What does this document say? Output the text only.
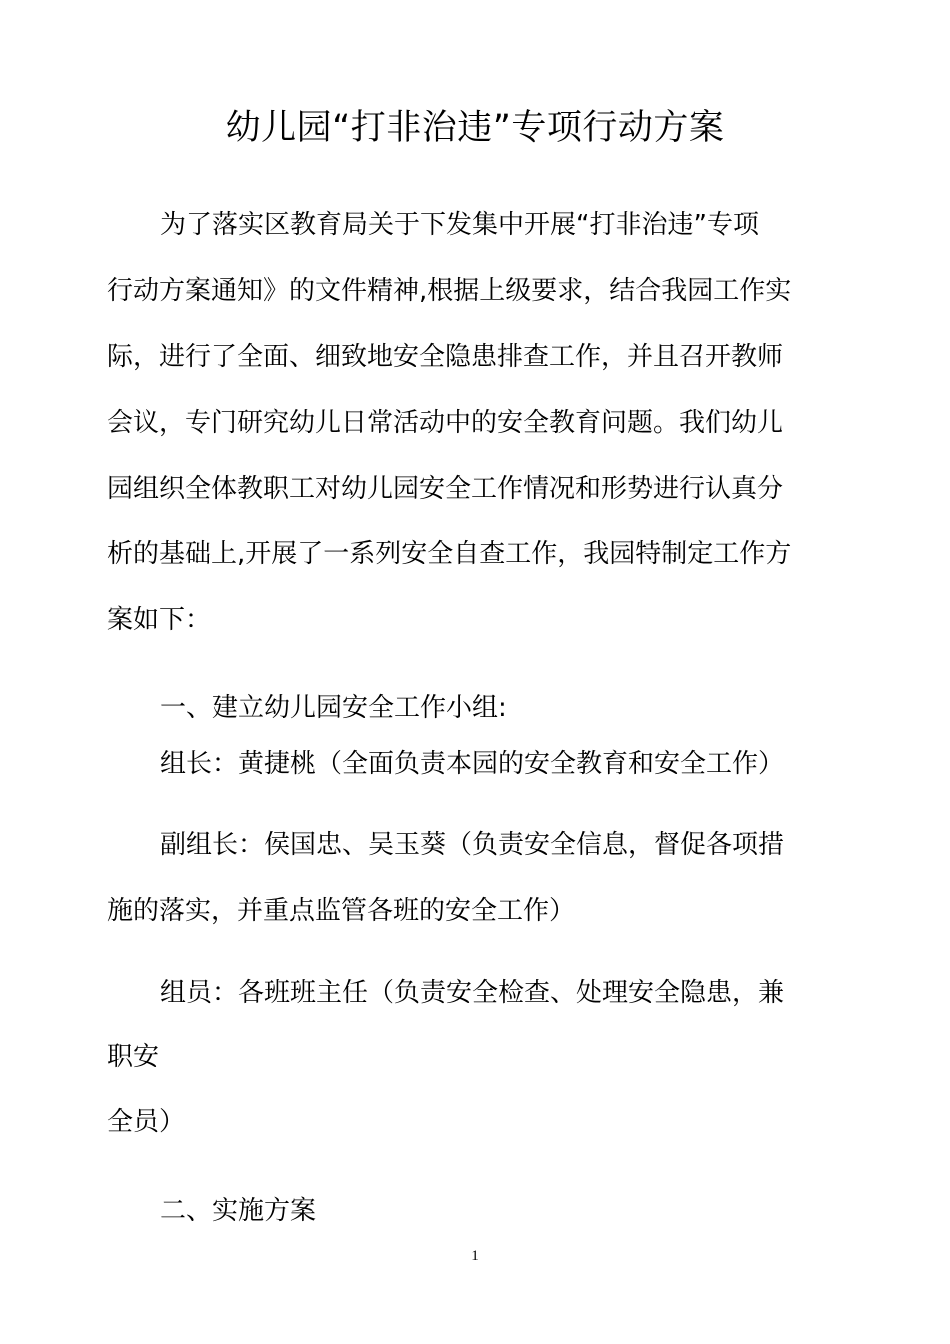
幼儿园“打非治违”专项行动方案
为了落实区教育局关于下发集中开展“打非治违”专项
行动方案通知》的文件精神,根据上级要求，结合我园工作实
际，进行了全面、细致地安全隐患排查工作，并且召开教师
会议，专门研究幼儿日常活动中的安全教育问题。我们幼儿
园组织全体教职工对幼儿园安全工作情况和形势进行认真分
析的基础上,开展了一系列安全自查工作，我园特制定工作方
案如下：
一、建立幼儿园安全工作小组:
组长：黄捷桃（全面负责本园的安全教育和安全工作）
副组长：侯国忠、吴玉葵（负责安全信息，督促各项措
施的落实，并重点监管各班的安全工作）
组员：各班班主任（负责安全检查、处理安全隐患，兼
职安
全员）
二、实施方案
1
